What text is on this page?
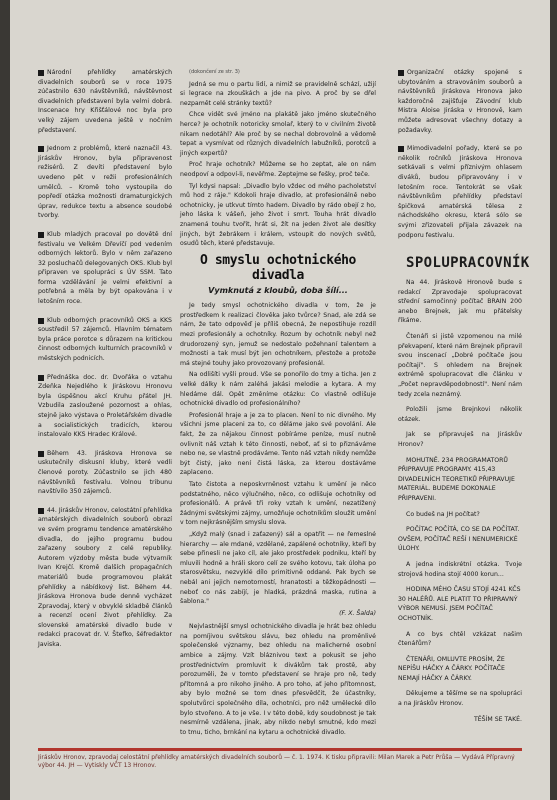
Národní přehlídky amatérských divadelních souborů se v roce 1975 zúčastnilo 630 návštěvníků, návštěvnost divadelních představení byla velmi dobrá. Inscenace hry Křišťálové noc byla pro velký zájem uvedena ještě v nočním představení.

Jednom z problémů, které naznačil 43. Jiráskův Hronov, byla připravenost režisérů. Z devíti představení bylo uvedeno pět v režii profesionálních umělců. – Kromě toho vystoupila do popředí otázka možnosti dramaturgických úprav, redukce textu a absence soudobé tvorby.

Klub mladých pracoval po dovětě dní festivalu ve Velkém Dřevíčí pod vedením odborných lektorů. Bylo v něm zařazeno 32 posluchačů delegovaných OKS. Klub byl připraven ve spolupráci s ÚV SSM. Tato forma vzdělávání je velmi efektivní a potřebná a měla by být opakována i v letošním roce.

Klub odborných pracovníků OKS a KKS soustředil 57 zájemců. Hlavním tématem byla práce porotce s důrazem na kritickou činnost odborných kulturních pracovníků v městských podnicích.

Přednáška doc. dr. Dvořáka o vztahu Zdeňka Nejedlého k Jiráskovu Hronovu byla úspěšnou akcí Kruhu přátel JH. Vzbudila zasloužené pozornost a ohlas, stejně jako výstava o Proletářském divadle a socialistických tradicích, kterou instalovalo KKS Hradec Králové.

Během 43. Jiráskova Hronova se uskutečnily diskusní kluby, které vedli členové poroty. Zúčastnilo se jich 480 návštěvníků festivalu. Volnou tribunu navštívilo 350 zájemců.

44. Jiráskův Hronov, celostátní přehlídka amatérských divadelních souborů obrazí ve svém programu tendence amatérského divadla, do jejího programu budou zařazeny soubory z celé republiky. Autorem výzdoby města bude výtvarník Ivan Krejčí. Kromě dalších propagačních materiálů bude programovou plakát přehlídky a nábídkový list. Během 44. Jiráskova Hronova bude denně vycházet Zpravodaj, který v obvyklé skladbě článků a recenzí ocení život přehlídky. Za slovenské amatérské divadlo bude v redakci pracovat dr. V. Štefko, šéfredaktor Javiska.

(dokončení ze str. 3)

Jedná se mu o partu lidí, a nimiž se pravidelně schází, užijí si legrace na zkouškách a jde na pivo. A proč by se dřel nezpamět celé stránky textů?

Chce vidět své jméno na plakátě jako jméno skutečného herce? Je ochotník notoricky smolař, který to v civilním životě nikam nedotáhl? Ale proč by se nechal dobrovolně a vědomě tepat a vysmívat od různých divadelních labužníků, porotců a jiných expertů?

Proč hraje ochotník? Můžeme se ho zeptat, ale on nám neodpoví a odpoví-li, nevěřme. Zeptejme se fešky, proč teče.

Tyl kdysi napsal: „Divadlo bylo vždec od mého pacholetství mů hod z ráje." Kdokoli hraje divadlo, at profesionálně nebo ochotnicky, je utkvut tímto hadem. Divadlo by rádo obejí z ho, jeho láska k vášeň, jeho život i smrt. Touha hrát divadlo znamená touhu tvořit, hrát si, žít na jeden život ale desítky jiných, být žebrákem i králem, vstoupit do nových světů, osudů těch, které představuje.

O smyslu ochotnického divadla
Vymknutá z kloubů, doba šílí...

Je tedy smysl ochotnického divadla v tom, že je prostředkem k realizaci člověka jako tvůrce? Snad, ale zdá se nám, že tato odpověď je příliš obecná, že nepostihuje rozdíl mezi profesionály a ochotníky. Rozum by ochotník nebyl než drudorozený syn, jemuž se nedostalo požehnaní talentem a možnosti a tak musí být jen ochotníkem, přestože a protože má stejné touhy jako provozovaný profesionál.

Na odlišíti vyšli proud. Vše se ponořilo do tmy a ticha. Jen z velké dálky k nám zaléhá jakási melodie a kytara. A my hledáme dál. Opět změníme otázku: Co vlastně odlišuje ochotnické divadlo od profesionálního?

Profesionál hraje a je za to placen. Není to nic divného. My všichni jsme placeni za to, co děláme jako své povolání. Ale fakt, že za nějakou činnost pobíráme peníze, musí nutně ovlivnit náš vztah k této činnosti, neboť, ať si to přiznáváme nebo ne, se vlastně prodáváme. Tento náš vztah nikdy nemůže být čistý, jako není čistá láska, za kterou dostáváme zaplaceno.

Tato čistota a neposkvrněnost vztahu k umění je něco podstatného, něco výlučného, něco, co odlišuje ochotníky od profesionálů. A právě tři roky vztah k umění, nezatížený žádnými světskými zájmy, umožňuje ochotníkům sloužit umění v tom nejkrásnějším smyslu slova.

„Když malý (snad i zaťazený) sál a opatřit — ne řemeslné hierarchy — ale mdané, vzdělané, zapálené ochotníky, kteří by sebe přinesli ne jako cíl, ale jako prostředek podniku, kteří by mluvili hodně a hráli skoro celí ze svého kotovu, tak úloha po starosvětsku, nezvyklé dílo primitivně oddané. Pak bych se nebál ani jejich nemotorností, hranatosti a těžkopádnosti — neboť co nás zabíjí, je hladká, prázdná maska, rutina a šablona."

(F. X. Šalda)

Nejvlastnější smysl ochotnického divadla je hrát bez ohledu na pomíjivou světskou slávu, bez ohledu na proměnlivé společenské významy, bez ohledu na malicherné osobní ambice a zájmy. Vzít bláznivou text a pokusit se jeho prostřednictvím promluvit k divákům tak prostě, aby porozuměli, že v tomto představení se hraje pro ně, tedy přítomná a pro nikoho jiného. A pro toho, ať jeho přítomnost, aby bylo možné se tom dnes přesvědčit, že účastníky, spolutvůrci společného díla, ochotníci, pro něž umělecké dílo bylo stvořeno. A to je vše. I v této době, kdy soudobnost je tak nesmírně vzdálena, jinak, aby nikdo nebyl smutné, kdo mezi to tmu, ticho, brnkání na kytaru a ochotnické divadlo.

Organizační otázky spojené s ubytováním a stravováním souborů a návštěvníků Jiráskova Hronova jako každoročně zajišťuje Závodní klub Mistra Aloise Jiráska v Hronově, kam můžete adresovat všechny dotazy a požadavky.

Mimodivadelní pořady, které se po několik ročníků Jiráskova Hronova setkávali s velmi příznivým ohlasem diváků, budou připravovány i v letošním roce. Tentokrát se však návštěvníkům přehlídky představí špičková amatérská tělesa z náchodského okresu, která sólo se svými zřizovateli přijala závazek na podporu festivalu.

SPOLUPRACOVNÍK

Na 44. Jiráskově Hronově bude s redakcí Zpravodaje spolupracovat střední samočinný počítač BRAIN 200 anebo Brejnek, jak mu přátelsky říkáme.

Čtenáři si jistě vzpomenou na milé překvapení, které nám Brejnek připravil svou inscenací „Dobré počítače jsou počítají". S ohledem na Brejnek extrémě spolupracovat dle článku v „Počet nepravděpodobností". Není nám tedy zcela neznámý.

Položili jsme Brejnkovi několik otázek.

Jak se připravuješ na Jiráskův Hronov?

MOHUTNĚ. 234 PROGRAMATORŮ PŘIPRAVUJE PROGRAMY. 415,43 DIVADELNÍCH TEORETIKŮ PŘIPRAVUJE MATERIÁL. BUDEME DOKONALE PŘIPRAVENI.

Co budeš na JH počítat?

POČÍTAC POČÍTÁ, CO SE DA POČÍTAT. OVŠEM, POČÍTAČ REŠÍ I NENUMERICKÉ ÚLOHY.

A jedna indiskrétní otázka. Tvoje strojová hodina stojí 4000 korun...

HODINA MÉHO ČASU STOJÍ 4241 KČS 30 HALÉŘŮ. ALE PLATIT TO PŘIPRAVNÝ VÝBOR NEMUSÍ. JSEM POČÍTAČ OCHOTNÍK.

A co bys chtěl vzkázat našim čtenářům?

ČTENÁŘI, OMLUVTE PROSÍM, ŽE NEPÍŠU HÁČKY A ČÁRKY. POČÍTAČE NEMAJÍ HÁČKY A ČÁRKY.

Děkujeme a těšíme se na spolupráci a na Jiráskův Hronov.

TĚŠÍM SE TAKÉ.

Jiráskův Hronov, zpravodaj celostátní přehlídky amatérských divadelních souborů — č. 1. 1974. K tisku připravili: Milan Marek a Petr Průša — Vydává Přípravný výbor 44. JH — Vytiskly VČT 13 Hronov.
